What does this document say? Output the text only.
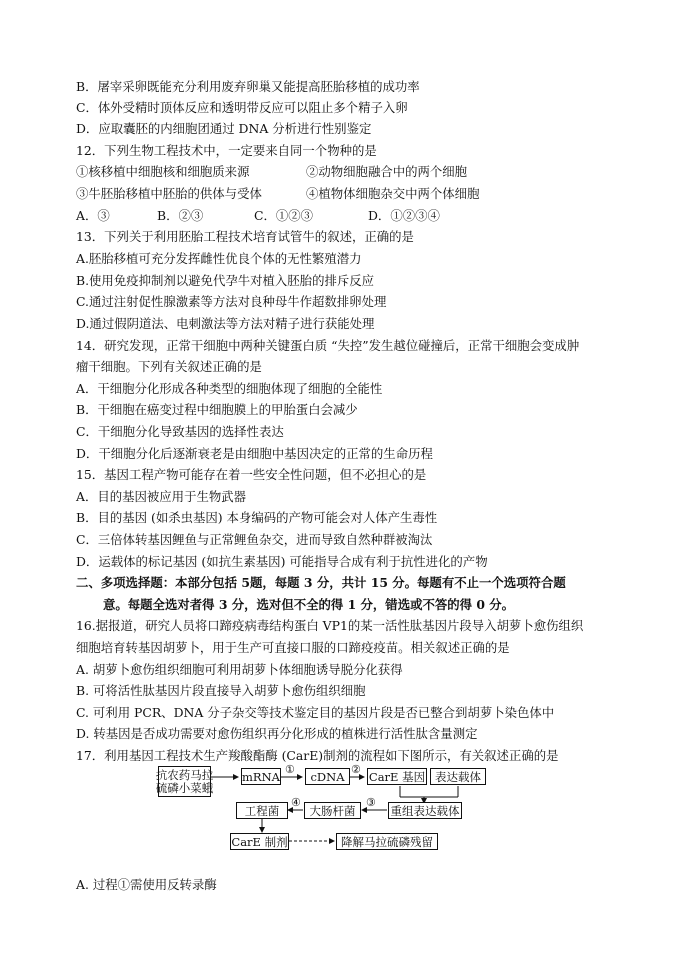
B．屠宰采卵既能充分利用废弃卵巢又能提高胚胎移植的成功率
C．体外受精时顶体反应和透明带反应可以阻止多个精子入卵
D．应取囊胚的内细胞团通过 DNA 分析进行性别鉴定
12．下列生物工程技术中，一定要来自同一个物种的是
①核移植中细胞核和细胞质来源	②动物细胞融合中的两个细胞
③牛胚胎移植中胚胎的供体与受体	④植物体细胞杂交中两个体细胞
A．③	B．②③	C．①②③	D．①②③④
13．下列关于利用胚胎工程技术培育试管牛的叙述，正确的是
A.胚胎移植可充分发挥雌性优良个体的无性繁殖潜力
B.使用免疫抑制剂以避免代孕牛对植入胚胎的排斥反应
C.通过注射促性腺激素等方法对良种母牛作超数排卵处理
D.通过假阴道法、电刺激法等方法对精子进行获能处理
14．研究发现，正常干细胞中两种关键蛋白质 “失控”发生越位碰撞后，正常干细胞会变成肿
瘤干细胞。下列有关叙述正确的是
A．干细胞分化形成各种类型的细胞体现了细胞的全能性
B．干细胞在癌变过程中细胞膜上的甲胎蛋白会减少
C．干细胞分化导致基因的选择性表达
D．干细胞分化后逐渐衰老是由细胞中基因决定的正常的生命历程
15．基因工程产物可能存在着一些安全性问题，但不必担心的是
A．目的基因被应用于生物武器
B．目的基因 (如杀虫基因) 本身编码的产物可能会对人体产生毒性
C．三倍体转基因鲤鱼与正常鲤鱼杂交，进而导致自然种群被淘汰
D．运载体的标记基因 (如抗生素基因) 可能指导合成有利于抗性进化的产物
二、多项选择题：本部分包括 5题，每题 3 分，共计 15 分。每题有不止一个选项符合题
意。每题全选对者得 3 分，选对但不全的得 1 分，错选或不答的得 0 分。
16.据报道，研究人员将口蹄疫病毒结构蛋白 VP1的某一活性肽基因片段导入胡萝卜愈伤组织
细胞培育转基因胡萝卜，用于生产可直接口服的口蹄疫疫苗。相关叙述正确的是
A. 胡萝卜愈伤组织细胞可利用胡萝卜体细胞诱导脱分化获得
B. 可将活性肽基因片段直接导入胡萝卜愈伤组织细胞
C. 可利用 PCR、DNA 分子杂交等技术鉴定目的基因片段是否已整合到胡萝卜染色体中
D. 转基因是否成功需要对愈伤组织再分化形成的植株进行活性肽含量测定
17．利用基因工程技术生产羧酸酯酶 (CarE)制剂的流程如下图所示，有关叙述正确的是
抗农药马拉
硫磷小菜蛾
mRNA ①	cDNA ② CarE 基因 表达载体
工程菌
④
大肠杆菌
③
重组表达载体
CarE 制剂	降解马拉硫磷残留
A. 过程①需使用反转录酶
